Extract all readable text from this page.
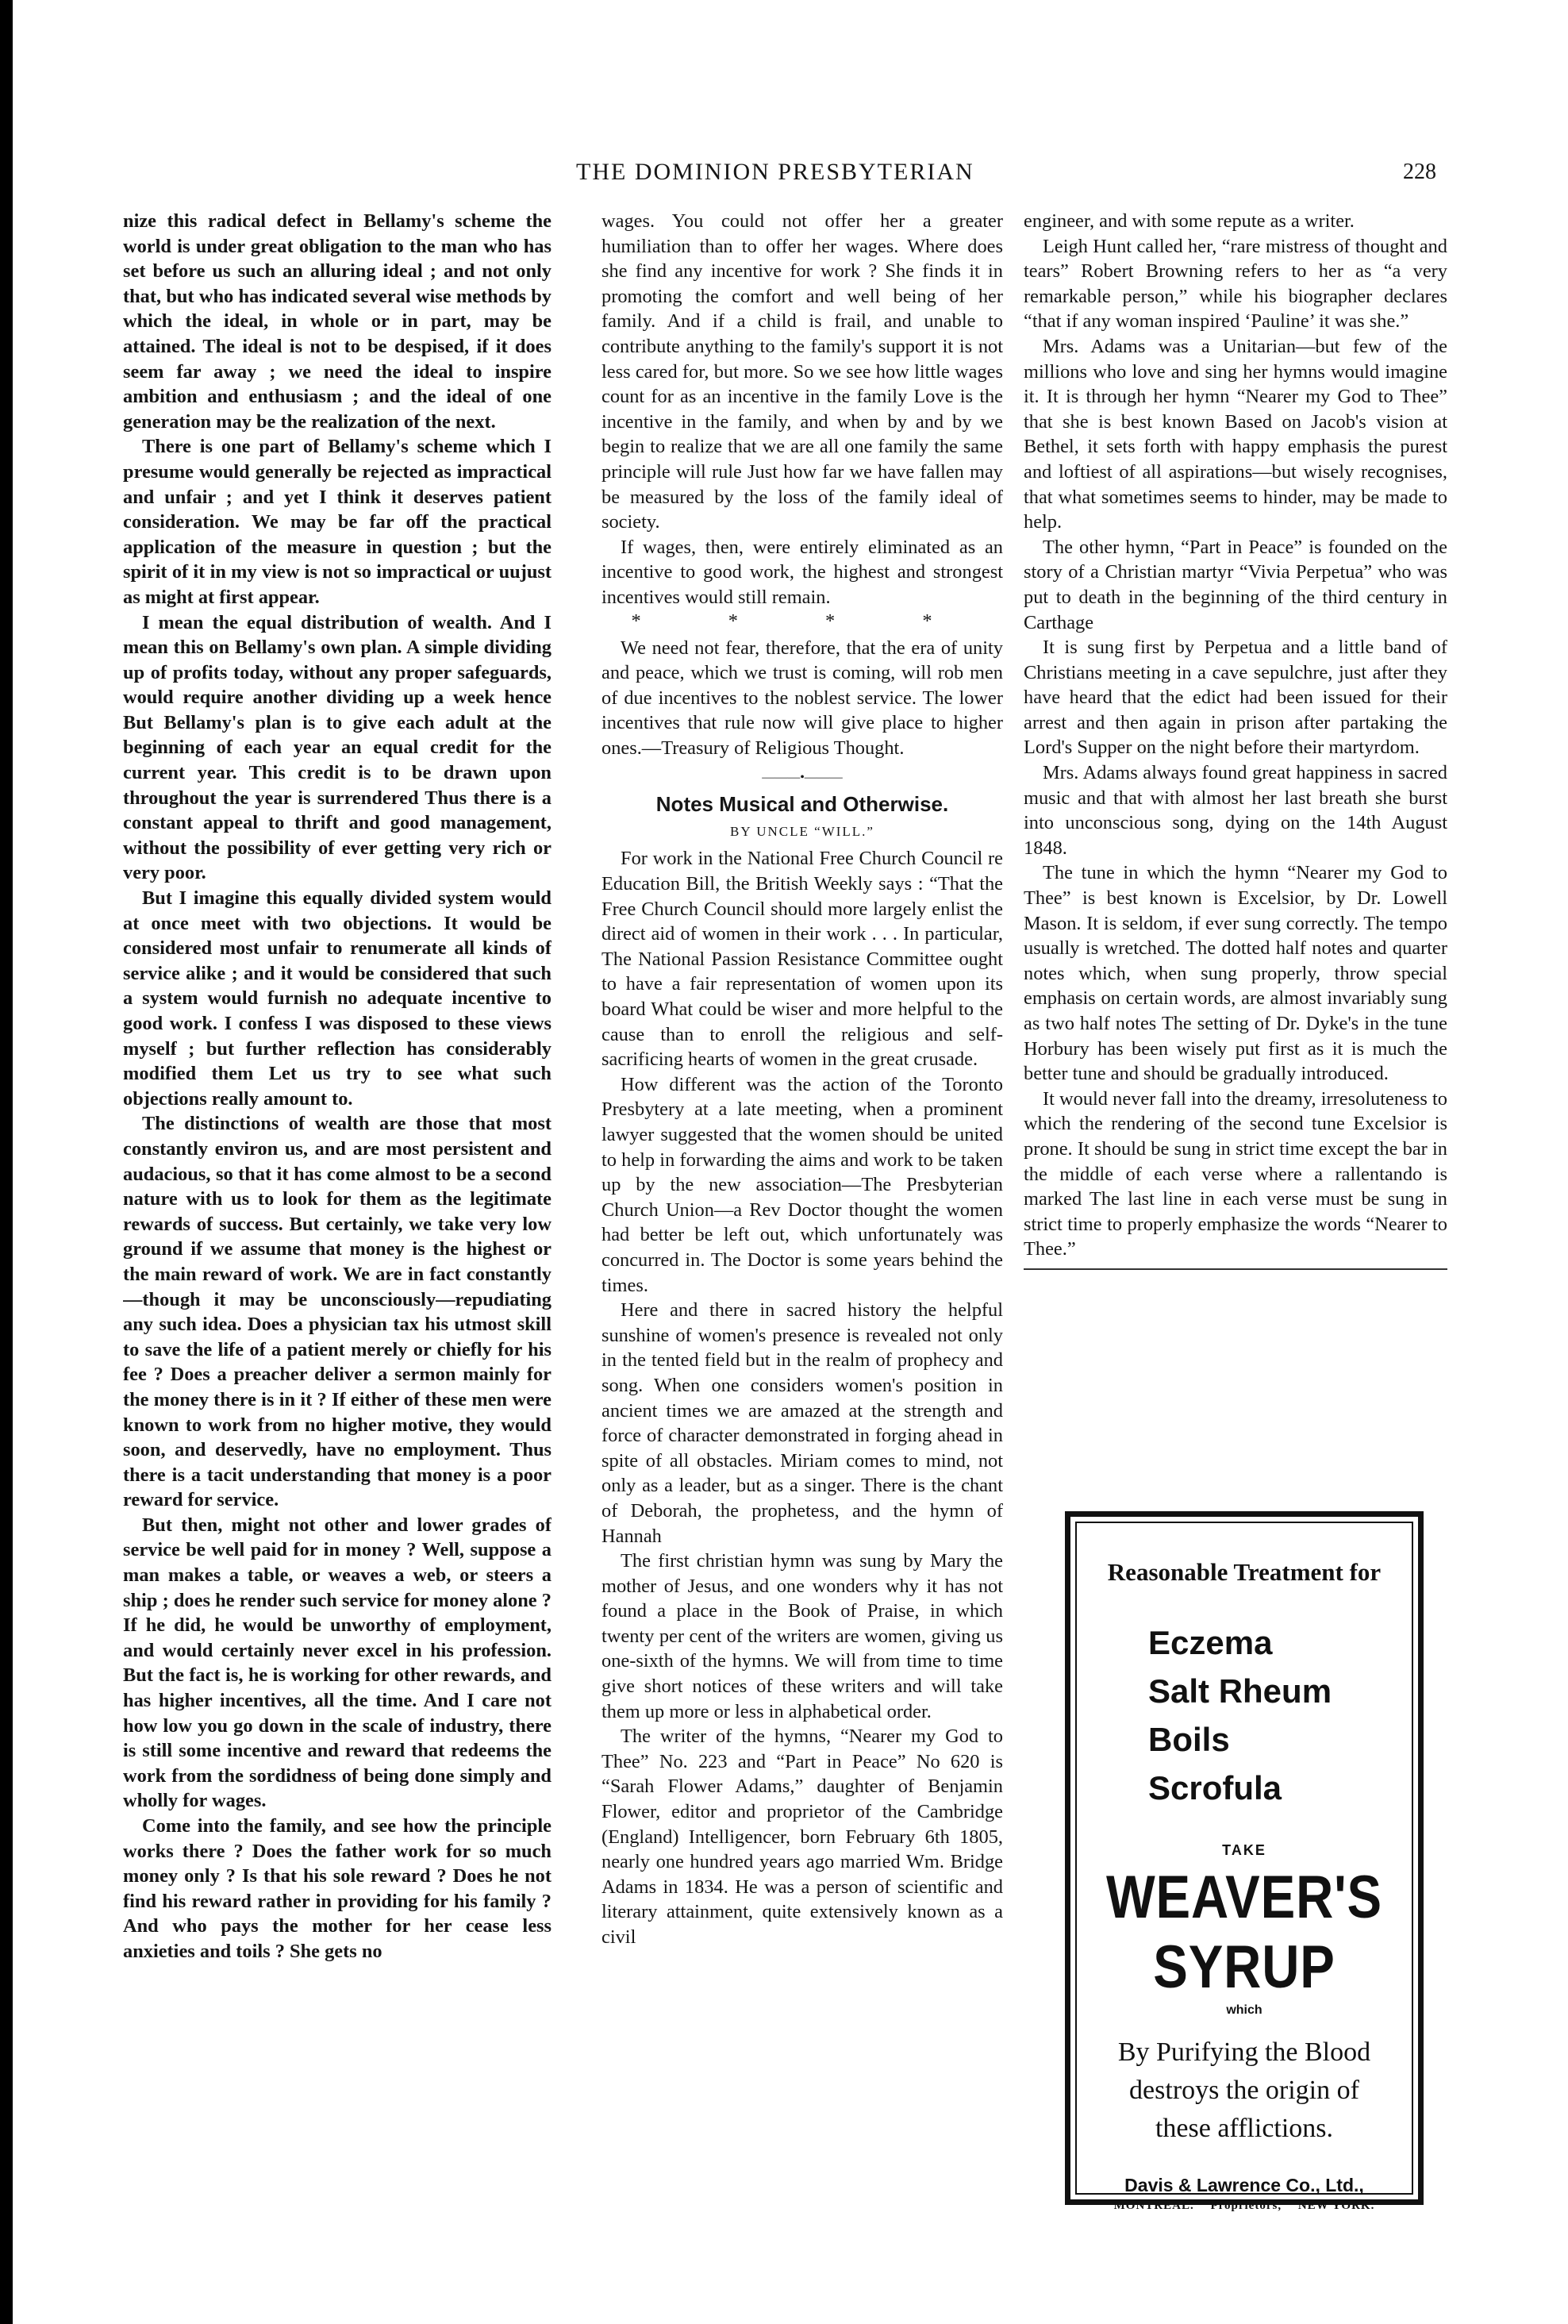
THE DOMINION PRESBYTERIAN	228

nize this radical defect in Bellamy's scheme the world is under great obligation to the man who has set before us such an alluring ideal ; and not only that, but who has indicated several wise methods by which the ideal, in whole or in part, may be attained. The ideal is not to be despised, if it does seem far away ; we need the ideal to inspire ambition and enthusiasm ; and the ideal of one generation may be the realization of the next.

There is one part of Bellamy's scheme which I presume would generally be rejected as impractical and unfair ; and yet I think it deserves patient consideration. We may be far off the practical application of the measure in question ; but the spirit of it in my view is not so impractical or uujust as might at first appear.

I mean the equal distribution of wealth. And I mean this on Bellamy's own plan. A simple dividing up of profits today, without any proper safeguards, would require another dividing up a week hence But Bellamy's plan is to give each adult at the beginning of each year an equal credit for the current year. This credit is to be drawn upon throughout the year is surrendered Thus there is a constant appeal to thrift and good management, without the possibility of ever getting very rich or very poor.

But I imagine this equally divided system would at once meet with two objections. It would be considered most unfair to renumerate all kinds of service alike ; and it would be considered that such a system would furnish no adequate incentive to good work. I confess I was disposed to these views myself ; but further reflection has considerably modified them Let us try to see what such objections really amount to.

The distinctions of wealth are those that most constantly environ us, and are most persistent and audacious, so that it has come almost to be a second nature with us to look for them as the legitimate rewards of success. But certainly, we take very low ground if we assume that money is the highest or the main reward of work. We are in fact constantly—though it may be unconsciously—repudiating any such idea. Does a physician tax his utmost skill to save the life of a patient merely or chiefly for his fee ? Does a preacher deliver a sermon mainly for the money there is in it ? If either of these men were known to work from no higher motive, they would soon, and deservedly, have no employment. Thus there is a tacit understanding that money is a poor reward for service.

But then, might not other and lower grades of service be well paid for in money ? Well, suppose a man makes a table, or weaves a web, or steers a ship ; does he render such service for money alone ? If he did, he would be unworthy of employment, and would certainly never excel in his profession. But the fact is, he is working for other rewards, and has higher incentives, all the time. And I care not how low you go down in the scale of industry, there is still some incentive and reward that redeems the work from the sordidness of being done simply and wholly for wages.

Come into the family, and see how the principle works there ? Does the father work for so much money only ? Is that his sole reward ? Does he not find his reward rather in providing for his family ? And who pays the mother for her cease less anxieties and toils ? She gets no

wages. You could not offer her a greater humiliation than to offer her wages. Where does she find any incentive for work ? She finds it in promoting the comfort and well being of her family. And if a child is frail, and unable to contribute anything to the family's support it is not less cared for, but more. So we see how little wages count for as an incentive in the family Love is the incentive in the family, and when by and by we begin to realize that we are all one family the same principle will rule Just how far we have fallen may be measured by the loss of the family ideal of society.

If wages, then, were entirely eliminated as an incentive to good work, the highest and strongest incentives would still remain.

* * * *

We need not fear, therefore, that the era of unity and peace, which we trust is coming, will rob men of due incentives to the noblest service. The lower incentives that rule now will give place to higher ones.—Treasury of Religious Thought.

———•———
Notes Musical and Otherwise.
BY UNCLE “WILL.”

For work in the National Free Church Council re Education Bill, the British Weekly says : “That the Free Church Council should more largely enlist the direct aid of women in their work . . . In particular, The National Passion Resistance Committee ought to have a fair representation of women upon its board What could be wiser and more helpful to the cause than to enroll the religious and self-sacrificing hearts of women in the great crusade.

How different was the action of the Toronto Presbytery at a late meeting, when a prominent lawyer suggested that the women should be united to help in forwarding the aims and work to be taken up by the new association—The Presbyterian Church Union—a Rev Doctor thought the women had better be left out, which unfortunately was concurred in. The Doctor is some years behind the times.

Here and there in sacred history the helpful sunshine of women's presence is revealed not only in the tented field but in the realm of prophecy and song. When one considers women's position in ancient times we are amazed at the strength and force of character demonstrated in forging ahead in spite of all obstacles. Miriam comes to mind, not only as a leader, but as a singer. There is the chant of Deborah, the prophetess, and the hymn of Hannah

The first christian hymn was sung by Mary the mother of Jesus, and one wonders why it has not found a place in the Book of Praise, in which twenty per cent of the writers are women, giving us one-sixth of the hymns. We will from time to time give short notices of these writers and will take them up more or less in alphabetical order.

The writer of the hymns, “Nearer my God to Thee” No. 223 and “Part in Peace” No 620 is “Sarah Flower Adams,” daughter of Benjamin Flower, editor and proprietor of the Cambridge (England) Intelligencer, born February 6th 1805, nearly one hundred years ago married Wm. Bridge Adams in 1834. He was a person of scientific and literary attainment, quite extensively known as a civil

engineer, and with some repute as a writer.

Leigh Hunt called her, “rare mistress of thought and tears” Robert Browning refers to her as “a very remarkable person,” while his biographer declares “that if any woman inspired ‘Pauline’ it was she.”

Mrs. Adams was a Unitarian—but few of the millions who love and sing her hymns would imagine it. It is through her hymn “Nearer my God to Thee” that she is best known Based on Jacob's vision at Bethel, it sets forth with happy emphasis the purest and loftiest of all aspirations—but wisely recognises, that what sometimes seems to hinder, may be made to help.

The other hymn, “Part in Peace” is founded on the story of a Christian martyr “Vivia Perpetua” who was put to death in the beginning of the third century in Carthage

It is sung first by Perpetua and a little band of Christians meeting in a cave sepulchre, just after they have heard that the edict had been issued for their arrest and then again in prison after partaking the Lord's Supper on the night before their martyrdom.

Mrs. Adams always found great happiness in sacred music and that with almost her last breath she burst into unconscious song, dying on the 14th August 1848.

The tune in which the hymn “Nearer my God to Thee” is best known is Excelsior, by Dr. Lowell Mason. It is seldom, if ever sung correctly. The tempo usually is wretched. The dotted half notes and quarter notes which, when sung properly, throw special emphasis on certain words, are almost invariably sung as two half notes The setting of Dr. Dyke's in the tune Horbury has been wisely put first as it is much the better tune and should be gradually introduced.

It would never fall into the dreamy, irresoluteness to which the rendering of the second tune Excelsior is prone. It should be sung in strict time except the bar in the middle of each verse where a rallentando is marked The last line in each verse must be sung in strict time to properly emphasize the words “Nearer to Thee.”

Reasonable Treatment for
Eczema
Salt Rheum
Boils
Scrofula
TAKE
WEAVER'S
SYRUP
which
By Purifying the Blood destroys the origin of these afflictions.
Davis & Lawrence Co., Ltd.,
MONTREAL. Proprietors, NEW YORK.
